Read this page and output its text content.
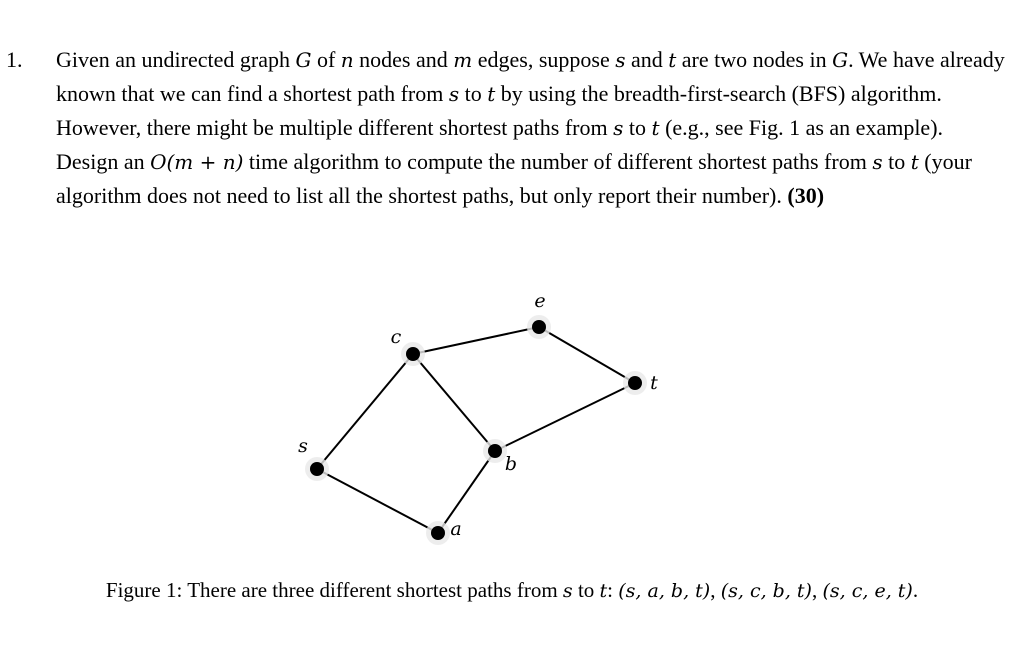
1. Given an undirected graph G of n nodes and m edges, suppose s and t are two nodes in G. We have already known that we can find a shortest path from s to t by using the breadth-first-search (BFS) algorithm. However, there might be multiple different shortest paths from s to t (e.g., see Fig. 1 as an example).

Design an O(m + n) time algorithm to compute the number of different shortest paths from s to t (your algorithm does not need to list all the shortest paths, but only report their number). (30)

s
a
b
c
e
t
Figure 1: There are three different shortest paths from s to t: (s, a, b, t), (s, c, b, t), (s, c, e, t).
